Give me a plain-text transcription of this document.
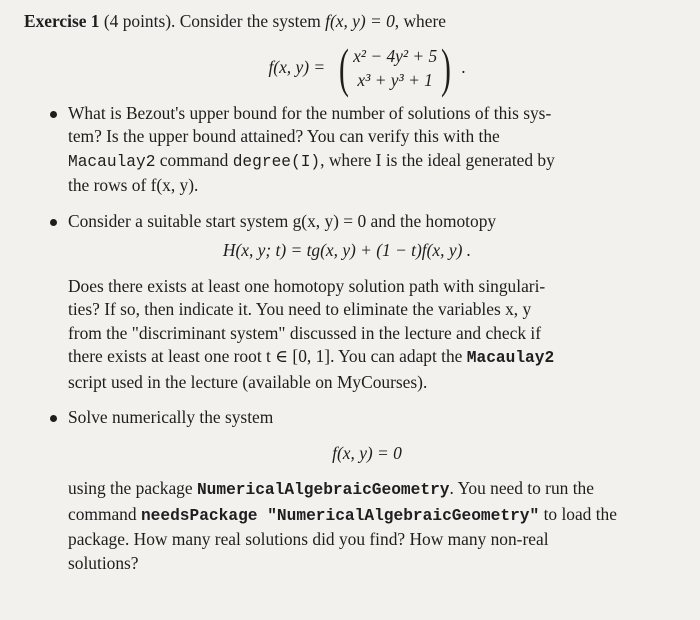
Exercise 1 (4 points). Consider the system f(x, y) = 0, where

f(x, y) = ( x² − 4y² + 5
x³ + y³ + 1 ) .
What is Bezout's upper bound for the number of solutions of this sys-
tem? Is the upper bound attained? You can verify this with the
Macaulay2 command degree(I), where I is the ideal generated by
the rows of f(x, y).
Consider a suitable start system g(x, y) = 0 and the homotopy

H(x, y; t) = tg(x, y) + (1 − t)f(x, y) .

Does there exists at least one homotopy solution path with singulari-
ties? If so, then indicate it. You need to eliminate the variables x, y
from the "discriminant system" discussed in the lecture and check if
there exists at least one root t ∈ [0, 1]. You can adapt the Macaulay2
script used in the lecture (available on MyCourses).
Solve numerically the system

f(x, y) = 0

using the package NumericalAlgebraicGeometry. You need to run the
command needsPackage "NumericalAlgebraicGeometry" to load the
package. How many real solutions did you find? How many non-real
solutions?
